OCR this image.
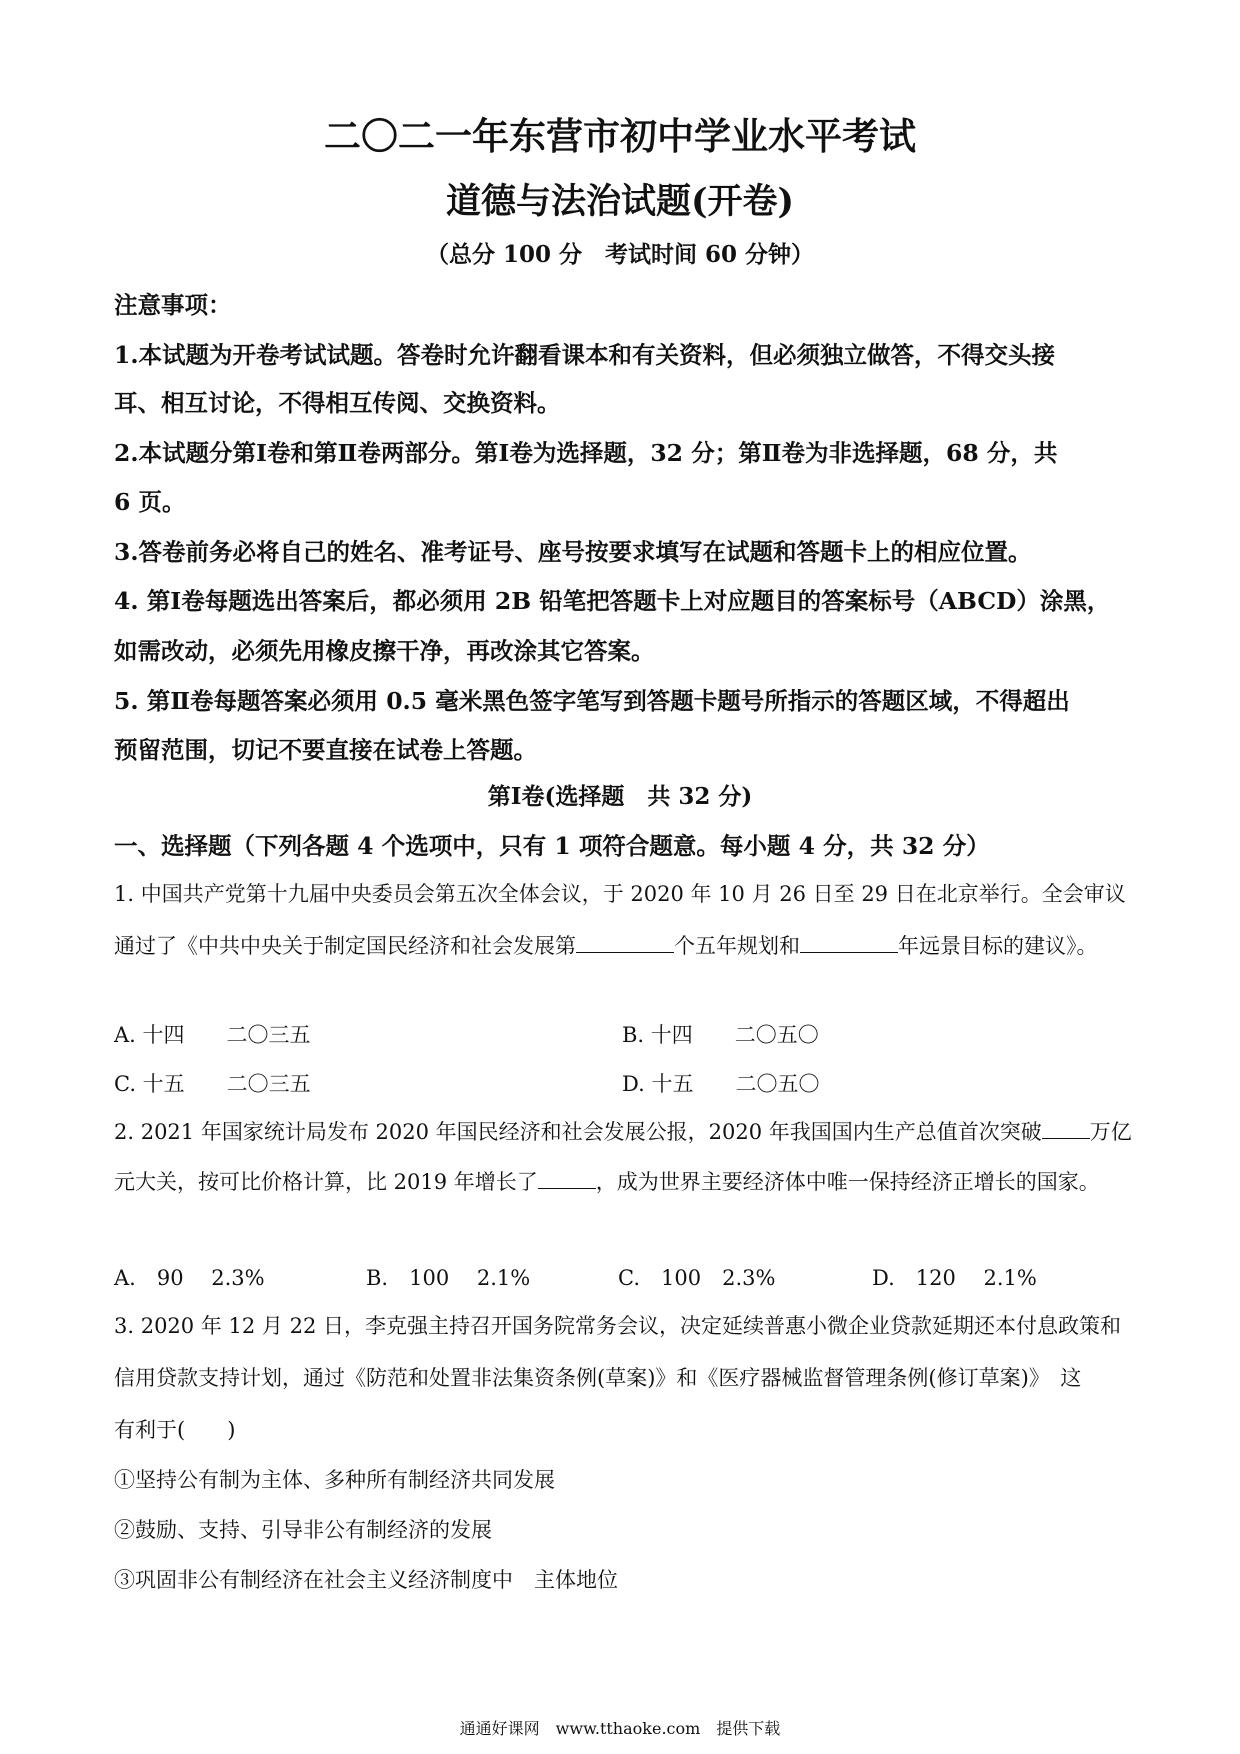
二〇二一年东营市初中学业水平考试
道德与法治试题(开卷)
（总分 100 分　考试时间 60 分钟）
注意事项：
1.本试题为开卷考试试题。答卷时允许翻看课本和有关资料，但必须独立做答，不得交头接
耳、相互讨论，不得相互传阅、交换资料。
2.本试题分第Ⅰ卷和第Ⅱ卷两部分。第Ⅰ卷为选择题，32 分；第Ⅱ卷为非选择题，68 分，共
6 页。
3.答卷前务必将自己的姓名、准考证号、座号按要求填写在试题和答题卡上的相应位置。
4. 第Ⅰ卷每题选出答案后，都必须用 2B 铅笔把答题卡上对应题目的答案标号（ABCD）涂黑，
如需改动，必须先用橡皮擦干净，再改涂其它答案。
5. 第Ⅱ卷每题答案必须用 0.5 毫米黑色签字笔写到答题卡题号所指示的答题区域，不得超出
预留范围，切记不要直接在试卷上答题。
第Ⅰ卷(选择题　共 32 分)
一、选择题（下列各题 4 个选项中，只有 1 项符合题意。每小题 4 分，共 32 分）
1. 中国共产党第十九届中央委员会第五次全体会议，于 2020 年 10 月 26 日至 29 日在北京举行。全会审议
通过了《中共中央关于制定国民经济和社会发展第	个五年规划和	年远景目标的建议》。
A. 十四　　二〇三五	B. 十四　　二〇五〇
C. 十五　　二〇三五	D. 十五　　二〇五〇
2. 2021 年国家统计局发布 2020 年国民经济和社会发展公报，2020 年我国国内生产总值首次突破 万亿
元大关，按可比价格计算，比 2019 年增长了	，成为世界主要经济体中唯一保持经济正增长的国家。
A.　90　 2.3%	B.　100　 2.1%	C.　100　2.3%	D.　120　 2.1%
3. 2020 年 12 月 22 日，李克强主持召开国务院常务会议，决定延续普惠小微企业贷款延期还本付息政策和
信用贷款支持计划，通过《防范和处置非法集资条例(草案)》和《医疗器械监督管理条例(修订草案)》　这
有利于(　　)
①坚持公有制为主体、多种所有制经济共同发展
②鼓励、支持、引导非公有制经济的发展
③巩固非公有制经济在社会主义经济制度中　主体地位
通通好课网　www.tthaoke.com　提供下载
